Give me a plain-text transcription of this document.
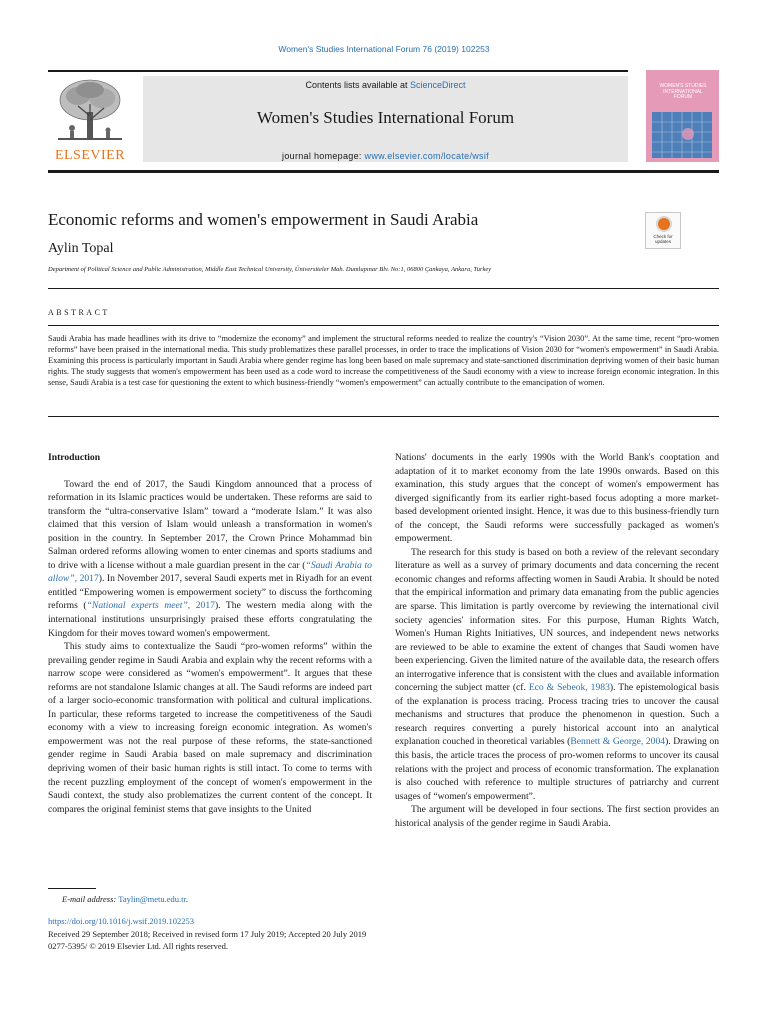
Women's Studies International Forum 76 (2019) 102253
ELSEVIER
Contents lists available at ScienceDirect
Women's Studies International Forum
journal homepage: www.elsevier.com/locate/wsif
WOMEN'S STUDIES INTERNATIONAL FORUM
Economic reforms and women's empowerment in Saudi Arabia
Aylin Topal
Department of Political Science and Public Administration, Middle East Technical University, Üniversiteler Mah. Dumlupınar Blv. No:1, 06800 Çankaya, Ankara, Turkey
Check for updates
ABSTRACT
Saudi Arabia has made headlines with its drive to “modernize the economy” and implement the structural reforms needed to realize the country's “Vision 2030”. At the same time, recent “pro-women reforms” have been praised in the international media. This study problematizes these parallel processes, in order to trace the implications of Vision 2030 for “women's empowerment” in Saudi Arabia. Examining this process is particularly important in Saudi Arabia where gender regime has long been based on male supremacy and state-sanctioned discrimination depriving women of their basic human rights. The study suggests that women's empowerment has been used as a code word to increase the competitiveness of the Saudi economy with a view to increase foreign economic integration. In this sense, Saudi Arabia is a test case for questioning the extent to which business-friendly “women's empowerment” can actually contribute to the emancipation of women.
Introduction

Toward the end of 2017, the Saudi Kingdom announced that a process of reformation in its Islamic practices would be undertaken. These reforms are said to transform the “ultra-conservative Islam” toward a “moderate Islam.” It was also claimed that this version of Islam would unleash a transformation in women's position in the country. In September 2017, the Crown Prince Mohammad bin Salman ordered reforms allowing women to enter cinemas and sports stadiums and to drive with a license without a male guardian present in the car (“Saudi Arabia to allow”, 2017). In November 2017, several Saudi experts met in Riyadh for an event entitled “Empowering women is empowerment society” to discuss the forthcoming reforms (“National experts meet”, 2017). The western media along with the international institutions unsurprisingly praised these efforts congratulating the Kingdom for their moves toward women's empowerment.

This study aims to contextualize the Saudi “pro-women reforms” within the prevailing gender regime in Saudi Arabia and explain why the recent reforms with a narrow scope were considered as “women's empowerment”. It argues that these reforms are not standalone Islamic changes at all. The Saudi reforms are indeed part of a larger socio-economic transformation with political and cultural implications. In particular, these reforms targeted to increase the competitiveness of the Saudi economy with a view to increasing foreign economic integration. As women's empowerment was not the real purpose of these reforms, the state-sanctioned gender regime in Saudi Arabia based on male supremacy and discrimination depriving women of their basic human rights is still intact. To come to terms with the recent puzzling employment of the concept of women's empowerment in the Saudi context, the study also problematizes the current content of the concept. It compares the original feminist stems that gave insights to the United

Nations' documents in the early 1990s with the World Bank's cooptation and adaptation of it to market economy from the late 1990s onwards. Based on this examination, this study argues that the concept of women's empowerment has diverged significantly from its earlier right-based focus adopting a more market-based development oriented insight. Hence, it was due to this business-friendly turn of the concept, the Saudi reforms were successfully packaged as women's empowerment.

The research for this study is based on both a review of the relevant secondary literature as well as a survey of primary documents and data concerning the recent economic changes and reforms affecting women in Saudi Arabia. It should be noted that the empirical information and primary data emanating from the public agencies are sparse. This limitation is partly overcome by reviewing the international civil society agencies' information sites. For this purpose, Human Rights Watch, Women's Human Rights Initiatives, UN sources, and independent news networks are reviewed to be able to examine the extent of changes that Saudi women have been experiencing. Given the limited nature of the available data, the research offers an interrogative inference that is consistent with the clues and available information concerning the subject matter (cf. Eco & Sebeok, 1983). The epistemological basis of the explanation is process tracing. Process tracing tries to uncover the causal mechanisms and structures that produce the phenomenon in question. Such a research requires converting a purely historical account into an analytical explanation couched in theoretical variables (Bennett & George, 2004). Drawing on this basis, the article traces the process of pro-women reforms to uncover its causal relations with the project and process of economic transformation. The explanation is also couched with reference to multiple structures of patriarchy and current usages of “women's empowerment”.

The argument will be developed in four sections. The first section provides an historical analysis of the gender regime in Saudi Arabia.

E-mail address: Taylin@metu.edu.tr.
https://doi.org/10.1016/j.wsif.2019.102253
Received 29 September 2018; Received in revised form 17 July 2019; Accepted 20 July 2019
0277-5395/ © 2019 Elsevier Ltd. All rights reserved.
